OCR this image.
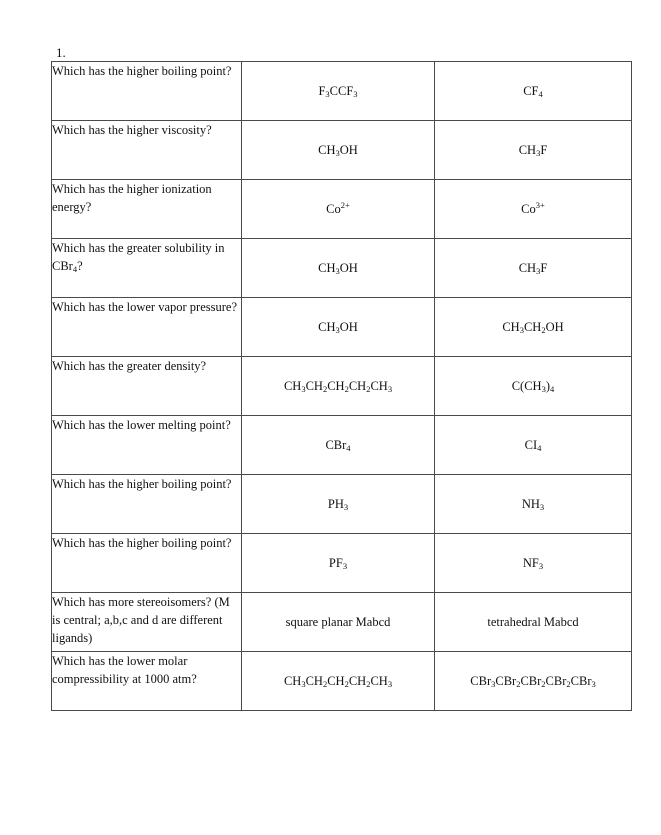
1.
Which has the higher boiling point?	$F_3CCF_3$	$CF_4$
Which has the higher viscosity?	$CH_3OH$	$CH_3F$
Which has the higher ionization energy?	$Co^{2+}$	$Co^{3+}$
Which has the greater solubility in CBr$_4$?	$CH_3OH$	$CH_3F$
Which has the lower vapor pressure?	$CH_3OH$	$CH_3CH_2OH$
Which has the greater density?	$CH_3CH_2CH_2CH_2CH_3$	$C(CH_3)_4$
Which has the lower melting point?	CBr$_4$	$CI_4$
Which has the higher boiling point?	$PH_3$	$NH_3$
Which has the higher boiling point?	$PF_3$	$NF_3$
Which has more stereoisomers? (M is central; a,b,c and d are different ligands)	square planar Mabcd	tetrahedral Mabcd
Which has the lower molar compressibility at 1000 atm?	$CH_3CH_2CH_2CH_2CH_3$	CBr$_3$CBr$_2$CBr$_2$CBr$_2$CBr$_3$
